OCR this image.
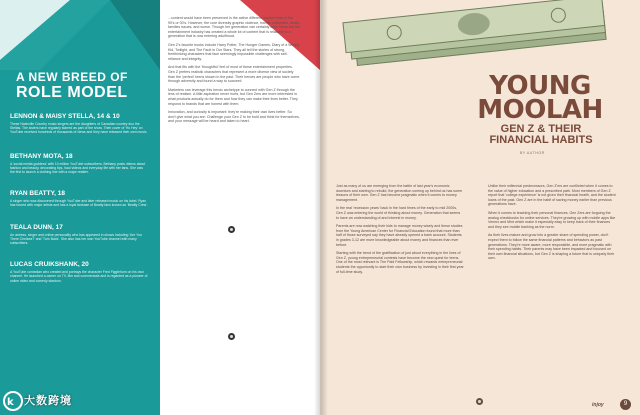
A NEW BREED OF
ROLE MODEL
LENNON & MAISY STELLA, 14 & 10
These Nashville Country music singers are the daughters of Canadian country duo the Stellas. The sisters have regularly starred as part of the show. Their cover of 'Ho Hey' on YouTube received hundreds of thousands of views and they have released their own music.
BETHANY MOTA, 18
A 'social media goddess' with 10 million YouTube subscribers, Bethany posts videos about fashion and beauty, decorating tips, haul videos and everyday life with her fans. She was the first to launch a clothing line with a major retailer.
RYAN BEATTY, 18
A singer who was discovered through YouTube and later released music on his label. Ryan has toured with major artists and has a loyal fanbase of Beatty fans known as 'Beatty Crew'.
TEALA DUNN, 17
An actress, singer and online personality who has appeared in shows including 'Are You There Chelsea?' and 'Turn Back'. She also has her own YouTube channel with many subscribers.
LUCAS CRUIKSHANK, 20
A YouTube comedian who created and portrays the character Fred Figglehorn on his own channel. He launched a career on TV, film and commercials and is regarded as a pioneer of online video and comedy stardom.

...content would have been preserved in the active different manner than in the 90's or 00's. However, the core diversity graphic violence, horrific outbreaks, death, families issues, and worse. Though her generation can certainly drive ideas but the entertainment industry has created a whole lot of content that is relatable to a generation that is now entering adulthood.

Gen Z's favorite books include Harry Potter, The Hunger Games, Diary of a Wimpy Kid, Twilight, and The Fault in Our Stars. They all tell the stories of strong, freethinking characters that face seemingly impossible challenges with self-reliance and integrity.

And that fits with the 'thoughtful' feel of most of these entertainment properties. Gen Z prefers realistic characters that represent a more diverse view of society than the 'perfect' teens shown in the past. Their heroes are people who have come through adversity and found a way to succeed.

Marketers can leverage this heroic archetype to connect with Gen Z through the lens of realism. A little aspiration never hurts, but Gen Zers are more interested in what products actually do for them and how they can make their lives better. They respond to brands that are honest with them.

Innovation, and curiosity is important: they're making their own lives better. So don't give what you are: Challenge your Gen Z to be bold and think for themselves, and your message will be heard and taken to heart.

k 大数跨境
YOUNG
MOOLAH
GEN Z & THEIR
FINANCIAL HABITS
BY AUTHOR

Just as many of us are emerging from the battle of last year's economic downturn and starting to rebuild, the generation coming up behind us has some lessons of their own. Gen Z has become pragmatic when it comes to money management.

In the real 'recession years' back in the hard times of the early to mid 2000s, Gen Z was entering the world of thinking about money. Generation that seems to have an understanding of and interest in money.

Parents are now watching their kids to manage money wisely and these studies from the Young American Center for Financial Education found that more than half of those surveyed say they have already opened a bank account. Students in grades 3-12 are more knowledgeable about money and finances than ever before.

Starting with the trend of the gratification of just about everything in the lives of Gen Z, young entrepreneurial contests have become the new quest for teens. One of the most relevant is The Paid Fellowship, which rewards entrepreneurial students the opportunity to start their own business by investing in their first year of full-time study.

Unlike their millennial predecessors, Gen Z'ers are conflicted when it comes to the value of higher education and a prescribed path. Most members of Gen Z report that 'college experience' is not given their financial health, and the student loans of the past. Gen Z are in the habit of saving money earlier than previous generations have.

When it comes to teaching their personal finances, Gen Zers are forgoing the analog checkbooks for online services. They're growing up with mobile apps like Venmo and Mint which make it especially easy to keep track of their finances and they see mobile banking as the norm.

As their lives mature and grow into a greater share of spending power, don't expect them to follow the same financial patterns and behaviors as past generations. They're more aware, more responsible, and more pragmatic with their spending habits. Their parents may have been impacted and focused on their own financial situations, but Gen Z is shaping a future that is uniquely their own.

injoy	9
